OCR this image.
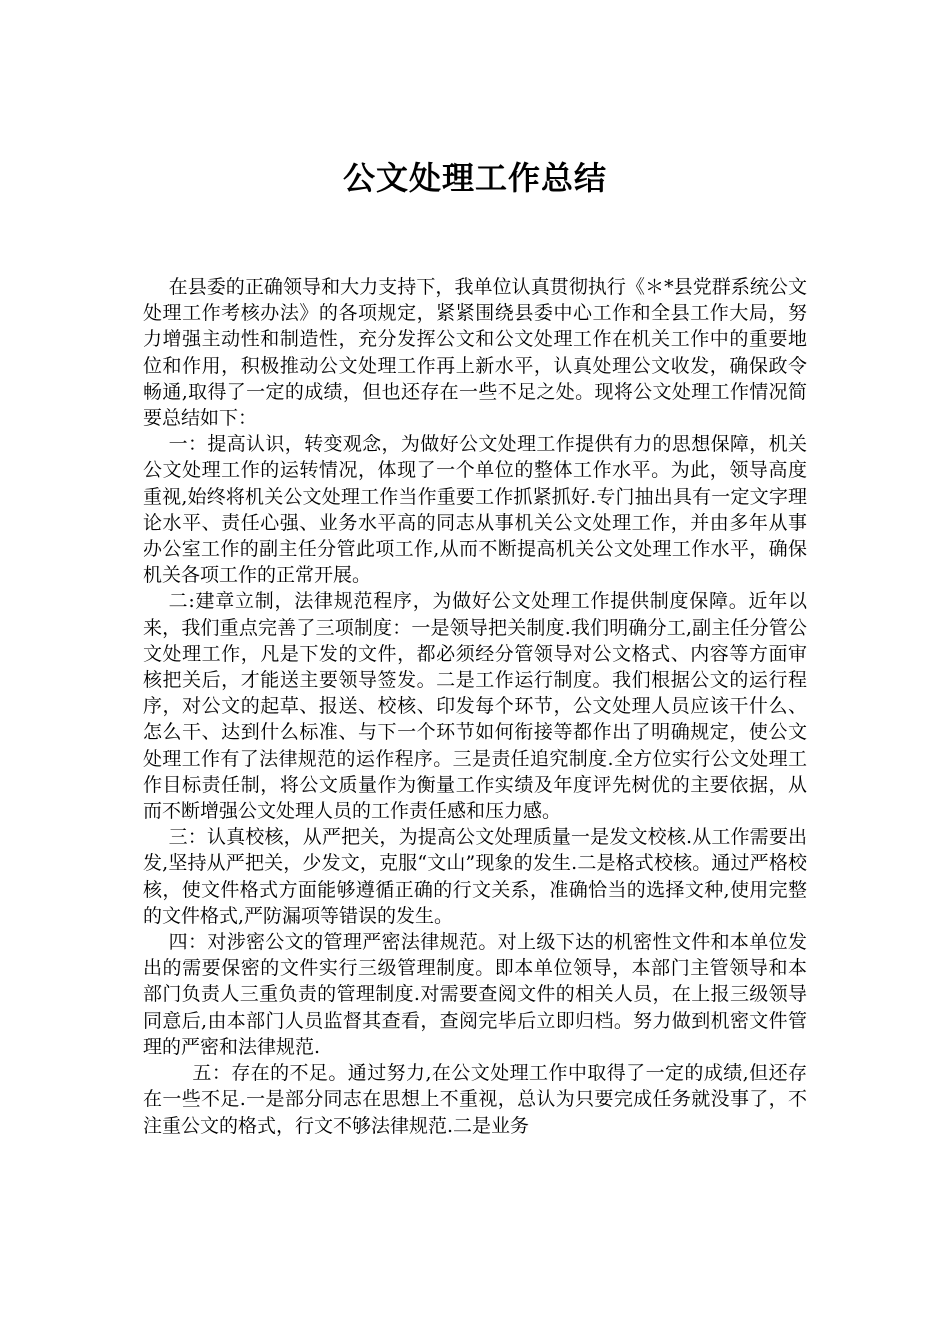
公文处理工作总结

在县委的正确领导和大力支持下，我单位认真贯彻执行《＊*县党群系统公文处理工作考核办法》的各项规定，紧紧围绕县委中心工作和全县工作大局，努力增强主动性和制造性，充分发挥公文和公文处理工作在机关工作中的重要地位和作用，积极推动公文处理工作再上新水平，认真处理公文收发，确保政令畅通,取得了一定的成绩，但也还存在一些不足之处。现将公文处理工作情况简要总结如下：

一：提高认识，转变观念，为做好公文处理工作提供有力的思想保障，机关公文处理工作的运转情况，体现了一个单位的整体工作水平。为此，领导高度重视,始终将机关公文处理工作当作重要工作抓紧抓好.专门抽出具有一定文字理论水平、责任心强、业务水平高的同志从事机关公文处理工作，并由多年从事办公室工作的副主任分管此项工作,从而不断提高机关公文处理工作水平，确保机关各项工作的正常开展。

二:建章立制，法律规范程序，为做好公文处理工作提供制度保障。近年以来，我们重点完善了三项制度：一是领导把关制度.我们明确分工,副主任分管公文处理工作，凡是下发的文件，都必须经分管领导对公文格式、内容等方面审核把关后，才能送主要领导签发。二是工作运行制度。我们根据公文的运行程序，对公文的起草、报送、校核、印发每个环节，公文处理人员应该干什么、怎么干、达到什么标准、与下一个环节如何衔接等都作出了明确规定，使公文处理工作有了法律规范的运作程序。三是责任追究制度.全方位实行公文处理工作目标责任制，将公文质量作为衡量工作实绩及年度评先树优的主要依据，从而不断增强公文处理人员的工作责任感和压力感。

三：认真校核，从严把关，为提高公文处理质量一是发文校核.从工作需要出发,坚持从严把关，少发文，克服“文山”现象的发生.二是格式校核。通过严格校核，使文件格式方面能够遵循正确的行文关系，准确恰当的选择文种,使用完整的文件格式,严防漏项等错误的发生。

四：对涉密公文的管理严密法律规范。对上级下达的机密性文件和本单位发出的需要保密的文件实行三级管理制度。即本单位领导，本部门主管领导和本部门负责人三重负责的管理制度.对需要查阅文件的相关人员，在上报三级领导同意后,由本部门人员监督其查看，查阅完毕后立即归档。努力做到机密文件管理的严密和法律规范.

五：存在的不足。通过努力,在公文处理工作中取得了一定的成绩,但还存在一些不足.一是部分同志在思想上不重视，总认为只要完成任务就没事了，不注重公文的格式，行文不够法律规范.二是业务
